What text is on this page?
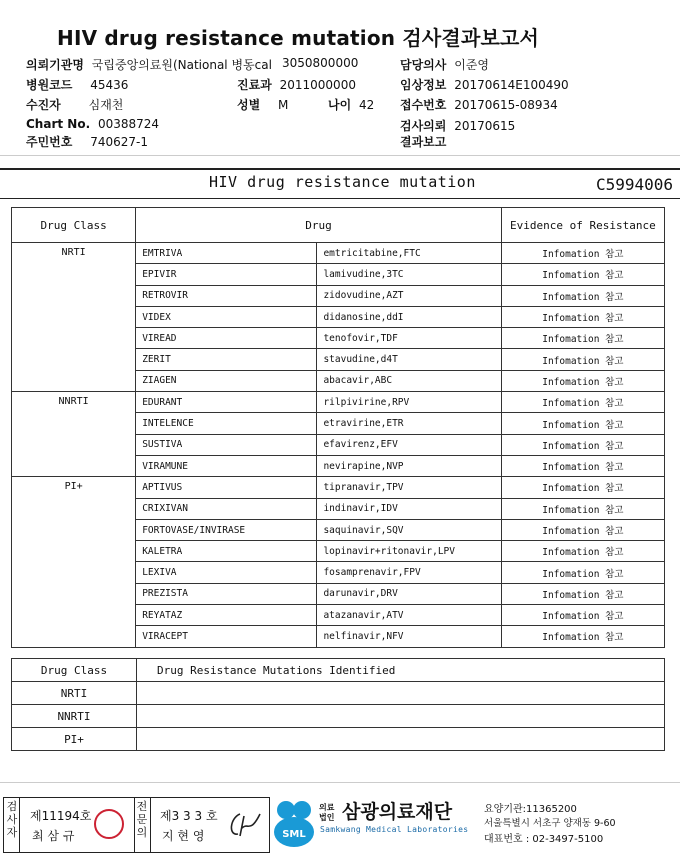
HIV drug resistance mutation 검사결과보고서
의뢰기관명 국립중앙의료원(National 병동cal 3050800000	담당의사 이준영
병원코드 45436	진료과 2011000000	임상정보 20170614E100490
수진자 심재천	성별 M	나이 42 접수번호 20170615-08934
Chart No. 00388724	검사의뢰 20170615
주민번호 740627-1	결과보고
HIV drug resistance mutation	C5994006
Drug Class	Drug		Evidence of Resistance
NRTI	EMTRIVA	emtricitabine,FTC	Infomation 참고
	EPIVIR	lamivudine,3TC	Infomation 참고
	RETROVIR	zidovudine,AZT	Infomation 참고
	VIDEX	didanosine,ddI	Infomation 참고
	VIREAD	tenofovir,TDF	Infomation 참고
	ZERIT	stavudine,d4T	Infomation 참고
	ZIAGEN	abacavir,ABC	Infomation 참고
NNRTI	EDURANT	rilpivirine,RPV	Infomation 참고
	INTELENCE	etravirine,ETR	Infomation 참고
	SUSTIVA	efavirenz,EFV	Infomation 참고
	VIRAMUNE	nevirapine,NVP	Infomation 참고
PI+	APTIVUS	tipranavir,TPV	Infomation 참고
	CRIXIVAN	indinavir,IDV	Infomation 참고
	FORTOVASE/INVIRASE	saquinavir,SQV	Infomation 참고
	KALETRA	lopinavir+ritonavir,LPV	Infomation 참고
	LEXIVA	fosamprenavir,FPV	Infomation 참고
	PREZISTA	darunavir,DRV	Infomation 참고
	REYATAZ	atazanavir,ATV	Infomation 참고
	VIRACEPT	nelfinavir,NFV	Infomation 참고
Drug Class	Drug Resistance Mutations Identified
NRTI	
NNRTI	
PI+	
검사자
제11194호
최 삼 규
전문의
제3 3 3 호
지 현 영	SML
의료법인 삼광의료재단
Samkwang Medical Laboratories
요양기관:11365200
서울특별시 서초구 양재동 9-60
대표번호 : 02-3497-5100
